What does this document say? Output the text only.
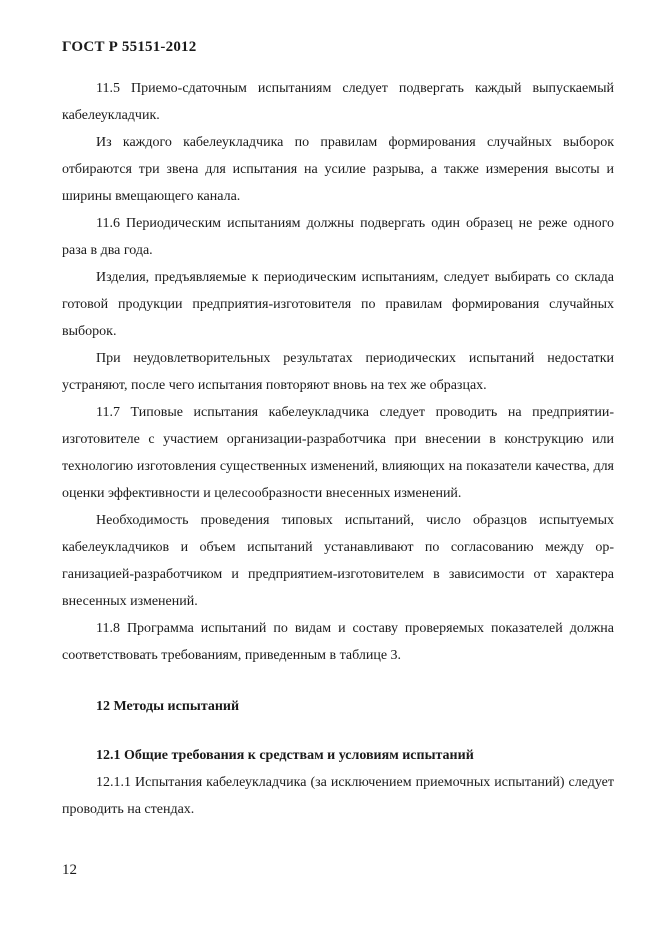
ГОСТ Р 55151-2012

11.5 Приемо-сдаточным испытаниям следует подвергать каждый выпускаемый кабелеукладчик.

Из каждого кабелеукладчика по правилам формирования случайных выборок отбираются три звена для испытания на усилие разрыва, а также измерения высоты и ширины вмещающего канала.

11.6 Периодическим испытаниям должны подвергать один образец не реже одного раза в два года.

Изделия, предъявляемые к периодическим испытаниям, следует выбирать со склада готовой продукции предприятия-изготовителя по правилам формирования случайных выборок.

При неудовлетворительных результатах периодических испытаний недостатки устраняют, после чего испытания повторяют вновь на тех же образцах.

11.7 Типовые испытания кабелеукладчика следует проводить на предприятии-изготовителе с участием организации-разработчика при внесении в конструкцию или технологию изготовления существенных изменений, влияющих на показатели качества, для оценки эффективности и целесообразности внесенных изменений.

Необходимость проведения типовых испытаний, число образцов испытуемых кабелеукладчиков и объем испытаний устанавливают по согласованию между организацией-разработчиком и предприятием-изготовителем в зависимости от характера внесенных изменений.

11.8 Программа испытаний по видам и составу проверяемых показателей должна соответствовать требованиям, приведенным в таблице 3.

12 Методы испытаний

12.1 Общие требования к средствам и условиям испытаний

12.1.1 Испытания кабелеукладчика (за исключением приемочных испытаний) следует проводить на стендах.

12
